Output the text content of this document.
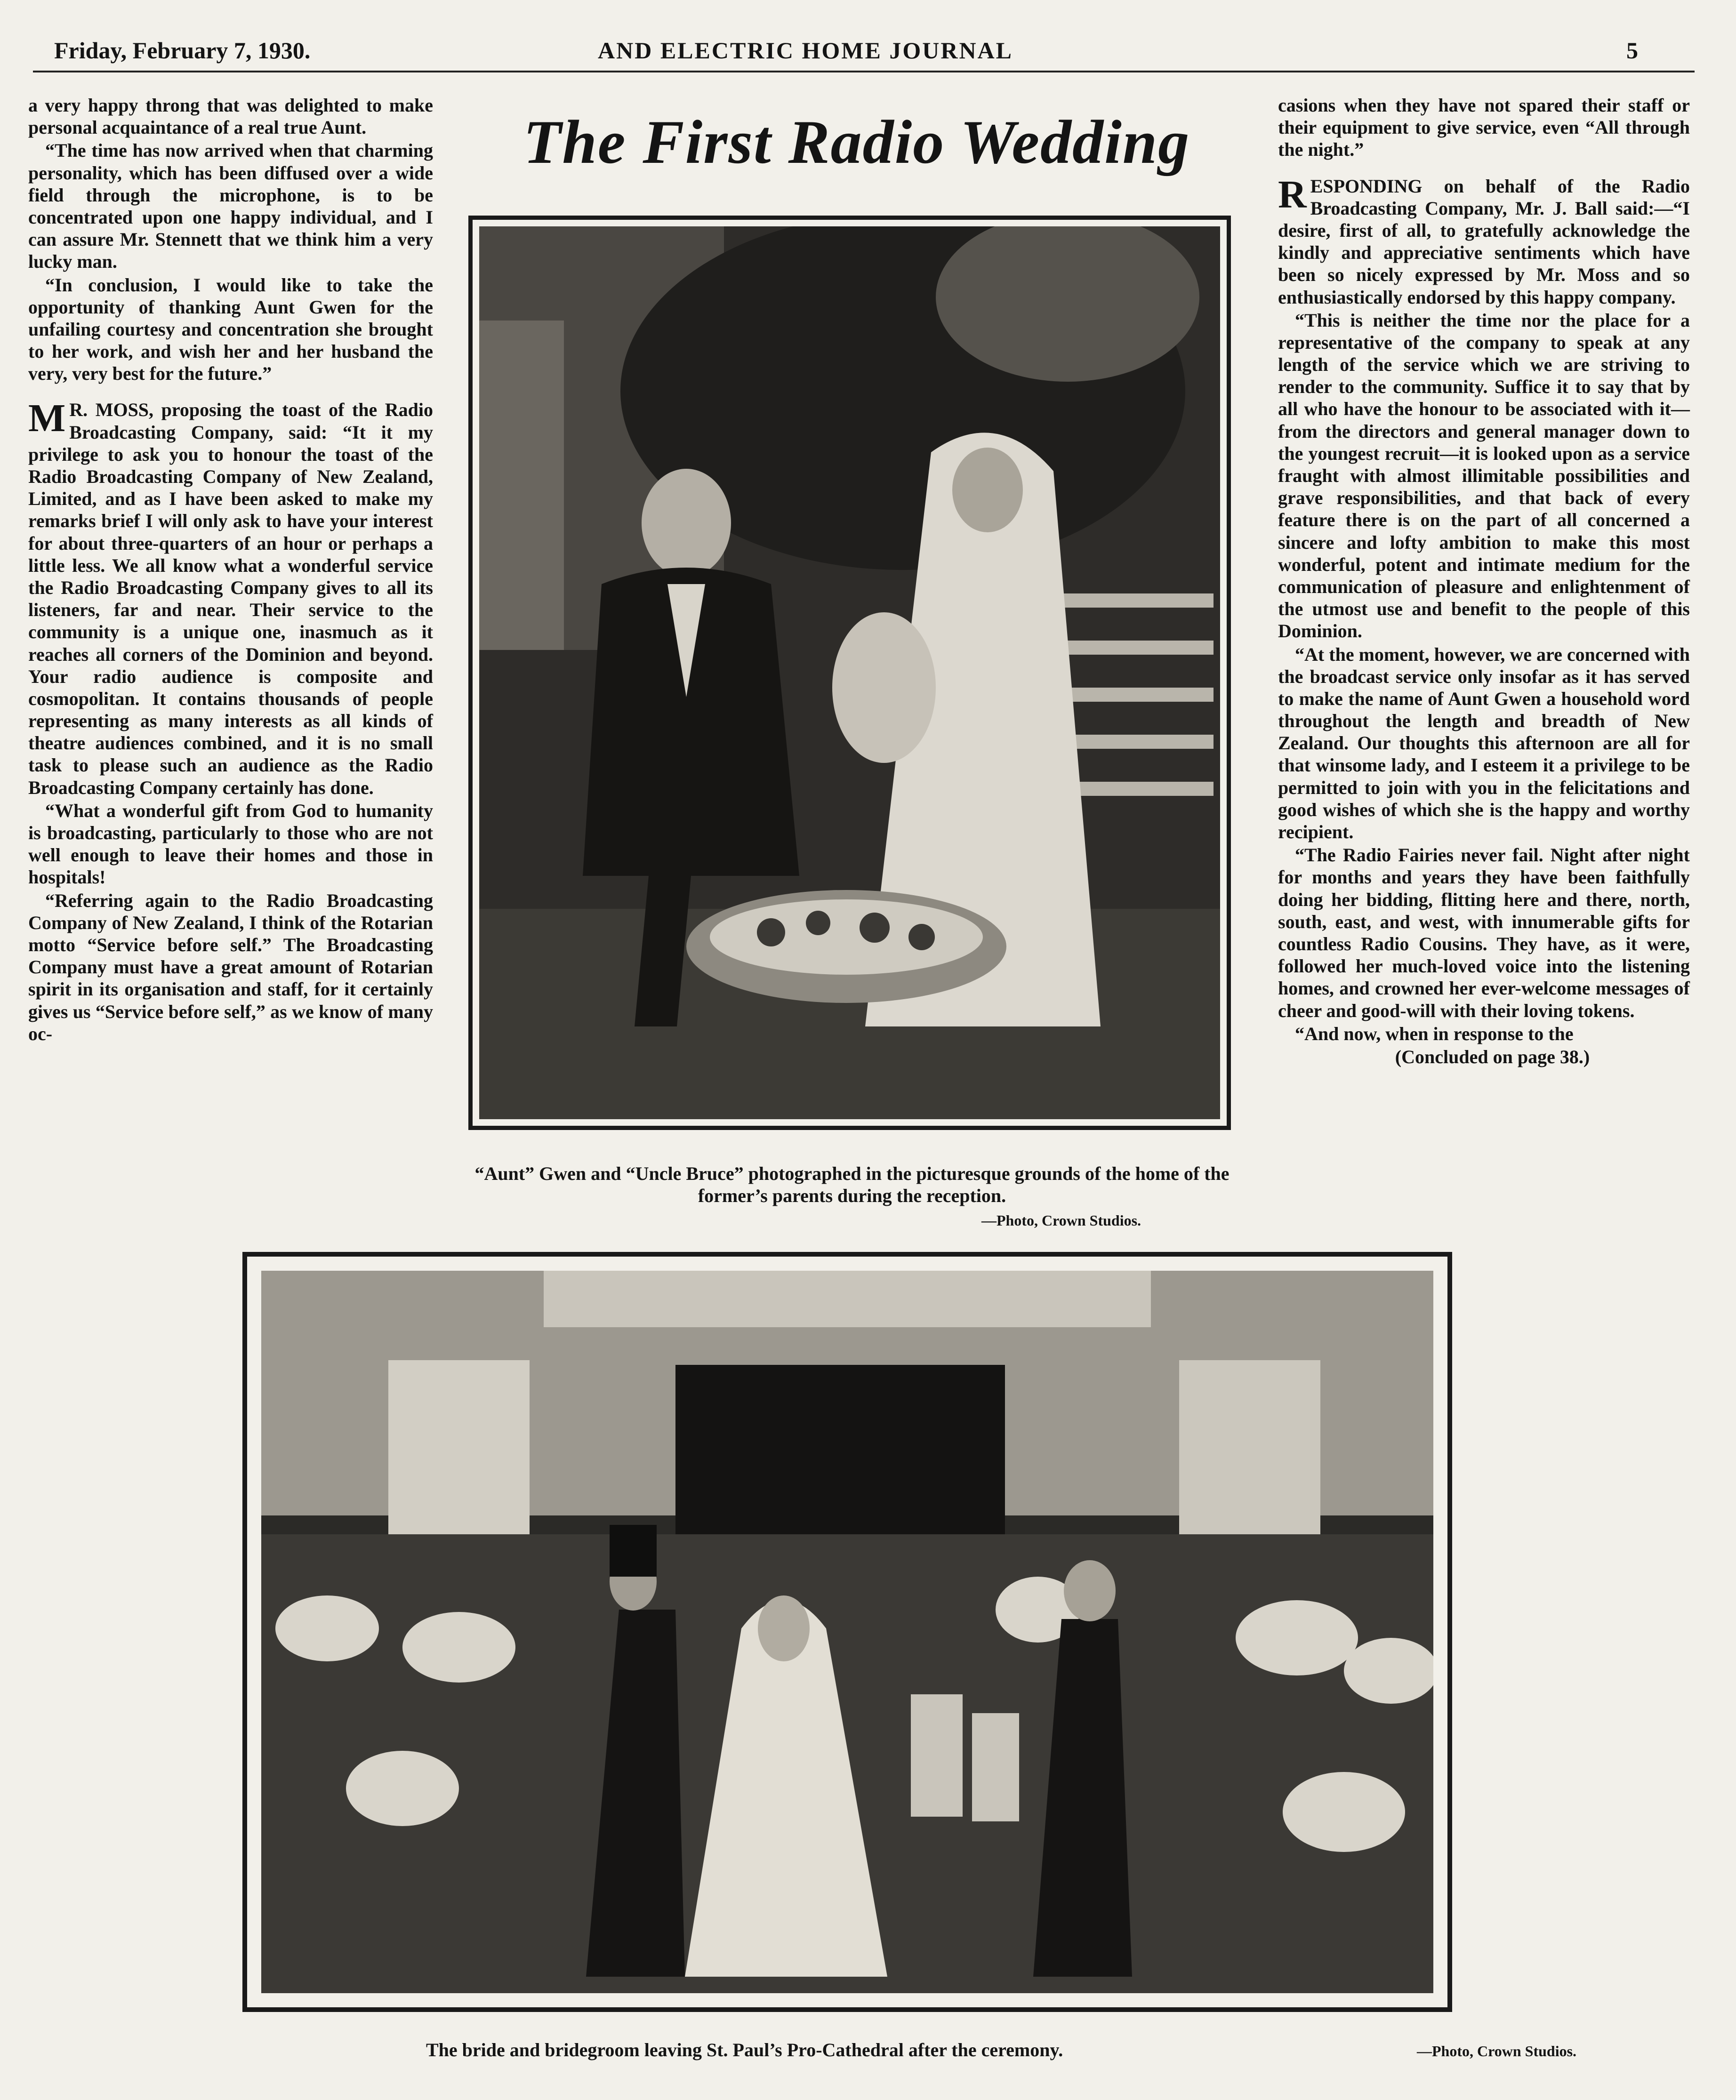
Friday, February 7, 1930.	AND ELECTRIC HOME JOURNAL	5

a very happy throng that was delighted to make personal acquaintance of a real true Aunt.

“The time has now arrived when that charming personality, which has been diffused over a wide field through the microphone, is to be concentrated upon one happy individual, and I can assure Mr. Stennett that we think him a very lucky man.

“In conclusion, I would like to take the opportunity of thanking Aunt Gwen for the unfailing courtesy and concentration she brought to her work, and wish her and her husband the very, very best for the future.”

M R. MOSS, proposing the toast of the Radio Broadcasting Company, said: “It it my privilege to ask you to honour the toast of the Radio Broadcasting Company of New Zealand, Limited, and as I have been asked to make my remarks brief I will only ask to have your interest for about three-quarters of an hour or perhaps a little less. We all know what a wonderful service the Radio Broadcasting Company gives to all its listeners, far and near. Their service to the community is a unique one, inasmuch as it reaches all corners of the Dominion and beyond. Your radio audience is composite and cosmopolitan. It contains thousands of people representing as many interests as all kinds of theatre audiences combined, and it is no small task to please such an audience as the Radio Broadcasting Company certainly has done.

“What a wonderful gift from God to humanity is broadcasting, particularly to those who are not well enough to leave their homes and those in hospitals!

“Referring again to the Radio Broadcasting Company of New Zealand, I think of the Rotarian motto “Service before self.” The Broadcasting Company must have a great amount of Rotarian spirit in its organisation and staff, for it certainly gives us “Service before self,” as we know of many oc-

The First Radio Wedding
“Aunt” Gwen and “Uncle Bruce” photographed in the picturesque grounds of the home of the former’s parents during the reception.
—Photo, Crown Studios.

casions when they have not spared their staff or their equipment to give service, even “All through the night.”

RESPONDING on behalf of the Radio Broadcasting Company, Mr. J. Ball said:—“I desire, first of all, to gratefully acknowledge the kindly and appreciative sentiments which have been so nicely expressed by Mr. Moss and so enthusiastically endorsed by this happy company.

“This is neither the time nor the place for a representative of the company to speak at any length of the service which we are striving to render to the community. Suffice it to say that by all who have the honour to be associated with it—from the directors and general manager down to the youngest recruit—it is looked upon as a service fraught with almost illimitable possibilities and grave responsibilities, and that back of every feature there is on the part of all concerned a sincere and lofty ambition to make this most wonderful, potent and intimate medium for the communication of pleasure and enlightenment of the utmost use and benefit to the people of this Dominion.

“At the moment, however, we are concerned with the broadcast service only insofar as it has served to make the name of Aunt Gwen a household word throughout the length and breadth of New Zealand. Our thoughts this afternoon are all for that winsome lady, and I esteem it a privilege to be permitted to join with you in the felicitations and good wishes of which she is the happy and worthy recipient.

“The Radio Fairies never fail. Night after night for months and years they have been faithfully doing her bidding, flitting here and there, north, south, east, and west, with innumerable gifts for countless Radio Cousins. They have, as it were, followed her much-loved voice into the listening homes, and crowned her ever-welcome messages of cheer and good-will with their loving tokens.

“And now, when in response to the

(Concluded on page 38.)

The bride and bridegroom leaving St. Paul’s Pro-Cathedral after the ceremony.	—Photo, Crown Studios.
